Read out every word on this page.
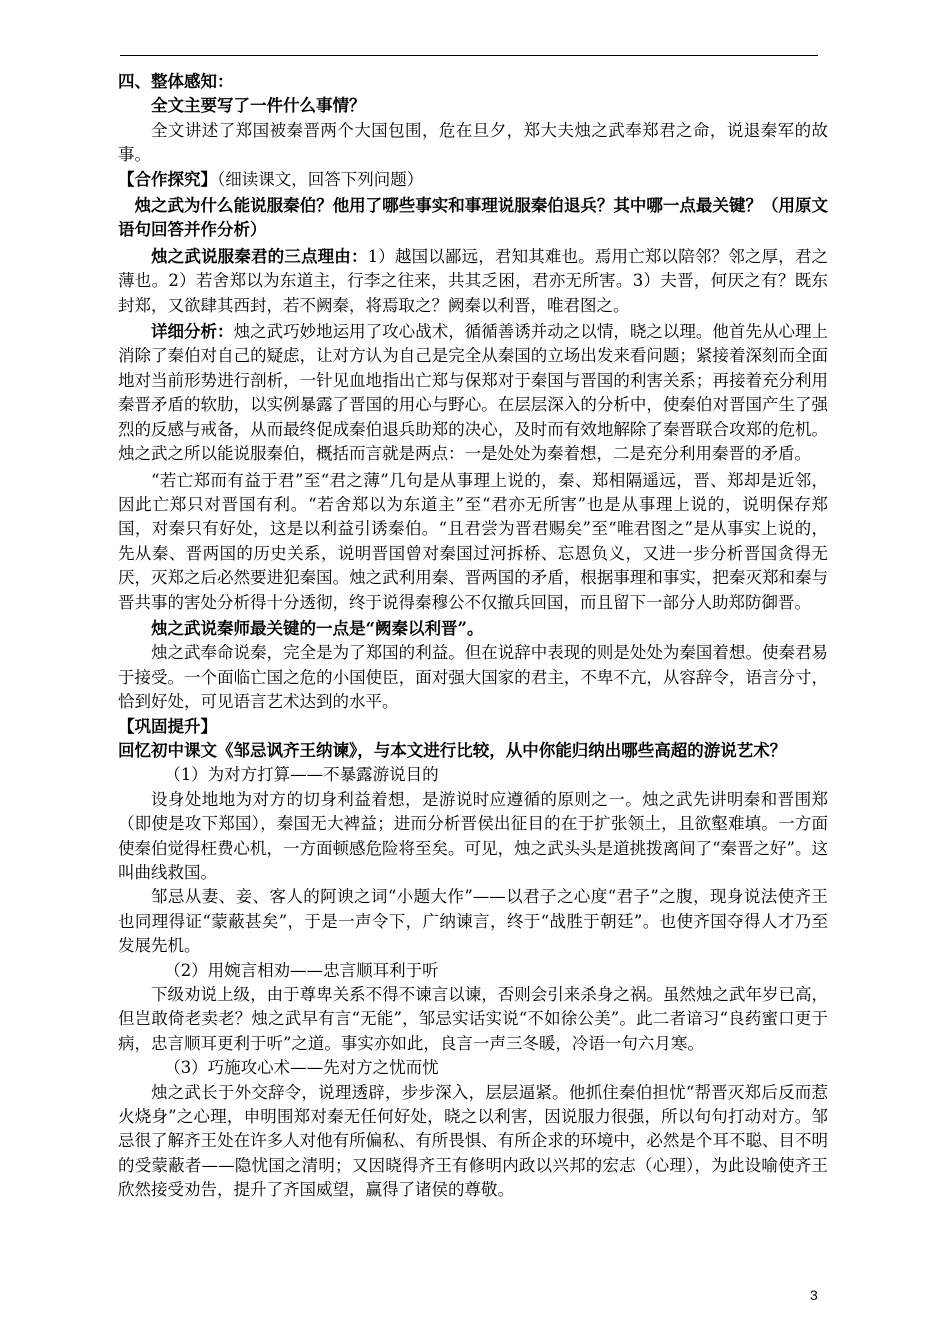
四、整体感知：

全文主要写了一件什么事情？

全文讲述了郑国被秦晋两个大国包围，危在旦夕，郑大夫烛之武奉郑君之命，说退秦军的故事。

【合作探究】（细读课文，回答下列问题）

烛之武为什么能说服秦伯？他用了哪些事实和事理说服秦伯退兵？其中哪一点最关键？（用原文语句回答并作分析）

烛之武说服秦君的三点理由：1）越国以鄙远，君知其难也。焉用亡郑以陪邻？邻之厚，君之薄也。2）若舍郑以为东道主，行李之往来，共其乏困，君亦无所害。3）夫晋，何厌之有？既东封郑，又欲肆其西封，若不阙秦，将焉取之？阙秦以利晋，唯君图之。

详细分析：烛之武巧妙地运用了攻心战术，循循善诱并动之以情，晓之以理。他首先从心理上消除了秦伯对自己的疑虑，让对方认为自己是完全从秦国的立场出发来看问题；紧接着深刻而全面地对当前形势进行剖析，一针见血地指出亡郑与保郑对于秦国与晋国的利害关系；再接着充分利用秦晋矛盾的软肋，以实例暴露了晋国的用心与野心。在层层深入的分析中，使秦伯对晋国产生了强烈的反感与戒备，从而最终促成秦伯退兵助郑的决心，及时而有效地解除了秦晋联合攻郑的危机。烛之武之所以能说服秦伯，概括而言就是两点：一是处处为秦着想，二是充分利用秦晋的矛盾。

“若亡郑而有益于君”至“君之薄”几句是从事理上说的，秦、郑相隔遥远，晋、郑却是近邻，因此亡郑只对晋国有利。“若舍郑以为东道主”至“君亦无所害”也是从事理上说的，说明保存郑国，对秦只有好处，这是以利益引诱秦伯。“且君尝为晋君赐矣”至“唯君图之”是从事实上说的，先从秦、晋两国的历史关系，说明晋国曾对秦国过河拆桥、忘恩负义，又进一步分析晋国贪得无厌，灭郑之后必然要进犯秦国。烛之武利用秦、晋两国的矛盾，根据事理和事实，把秦灭郑和秦与晋共事的害处分析得十分透彻，终于说得秦穆公不仅撤兵回国，而且留下一部分人助郑防御晋。

烛之武说秦师最关键的一点是“阙秦以利晋”。

烛之武奉命说秦，完全是为了郑国的利益。但在说辞中表现的则是处处为秦国着想。使秦君易于接受。一个面临亡国之危的小国使臣，面对强大国家的君主，不卑不亢，从容辞令，语言分寸，恰到好处，可见语言艺术达到的水平。

【巩固提升】

回忆初中课文《邹忌讽齐王纳谏》，与本文进行比较，从中你能归纳出哪些高超的游说艺术？

（1）为对方打算——不暴露游说目的

设身处地地为对方的切身利益着想，是游说时应遵循的原则之一。烛之武先讲明秦和晋围郑（即使是攻下郑国），秦国无大裨益；进而分析晋侯出征目的在于扩张领土，且欲壑难填。一方面使秦伯觉得枉费心机，一方面顿感危险将至矣。可见，烛之武头头是道挑拨离间了“秦晋之好”。这叫曲线救国。

邹忌从妻、妾、客人的阿谀之词“小题大作”——以君子之心度“君子”之腹，现身说法使齐王也同理得证“蒙蔽甚矣”，于是一声令下，广纳谏言，终于“战胜于朝廷”。也使齐国夺得人才乃至发展先机。

（2）用婉言相劝——忠言顺耳利于听

下级劝说上级，由于尊卑关系不得不谏言以谏，否则会引来杀身之祸。虽然烛之武年岁已高，但岂敢倚老卖老？烛之武早有言“无能”，邹忌实话实说“不如徐公美”。此二者谙习“良药蜜口更于病，忠言顺耳更利于听”之道。事实亦如此，良言一声三冬暖，冷语一句六月寒。

（3）巧施攻心术——先对方之忧而忧

烛之武长于外交辞令，说理透辟，步步深入，层层逼紧。他抓住秦伯担忧“帮晋灭郑后反而惹火烧身”之心理，申明围郑对秦无任何好处，晓之以利害，因说服力很强，所以句句打动对方。邹忌很了解齐王处在许多人对他有所偏私、有所畏惧、有所企求的环境中，必然是个耳不聪、目不明的受蒙蔽者——隐忧国之清明；又因晓得齐王有修明内政以兴邦的宏志（心理），为此设喻使齐王欣然接受劝告，提升了齐国威望，赢得了诸侯的尊敬。

3
